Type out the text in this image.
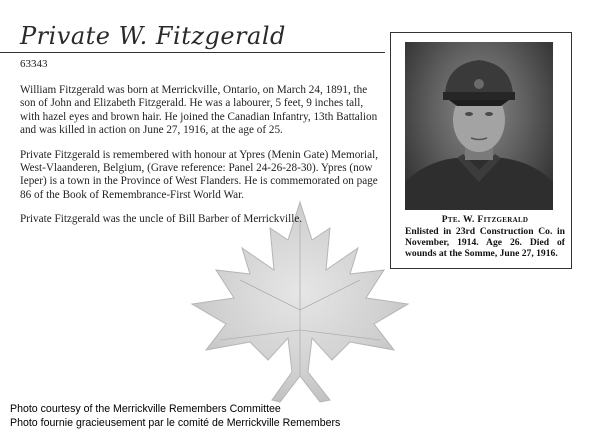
Private W. Fitzgerald
63343

William Fitzgerald was born at Merrickville, Ontario, on March 24, 1891, the son of John and Elizabeth Fitzgerald. He was a labourer, 5 feet, 9 inches tall, with hazel eyes and brown hair. He joined the Canadian Infantry, 13th Battalion and was killed in action on June 27, 1916, at the age of 25.

Private Fitzgerald is remembered with honour at Ypres (Menin Gate) Memorial, West-Vlaanderen, Belgium, (Grave reference: Panel 24-26-28-30). Ypres (now Ieper) is a town in the Province of West Flanders. He is commemorated on page 86 of the Book of Remembrance-First World War.

Private Fitzgerald was the uncle of Bill Barber of Merrickville.	Pte. W. Fitzgerald
Enlisted in 23rd Construction Co. in November, 1914. Age 26. Died of wounds at the Somme, June 27, 1916.
Photo courtesy of the Merrickville Remembers Committee
Photo fournie gracieusement par le comité de Merrickville Remembers
